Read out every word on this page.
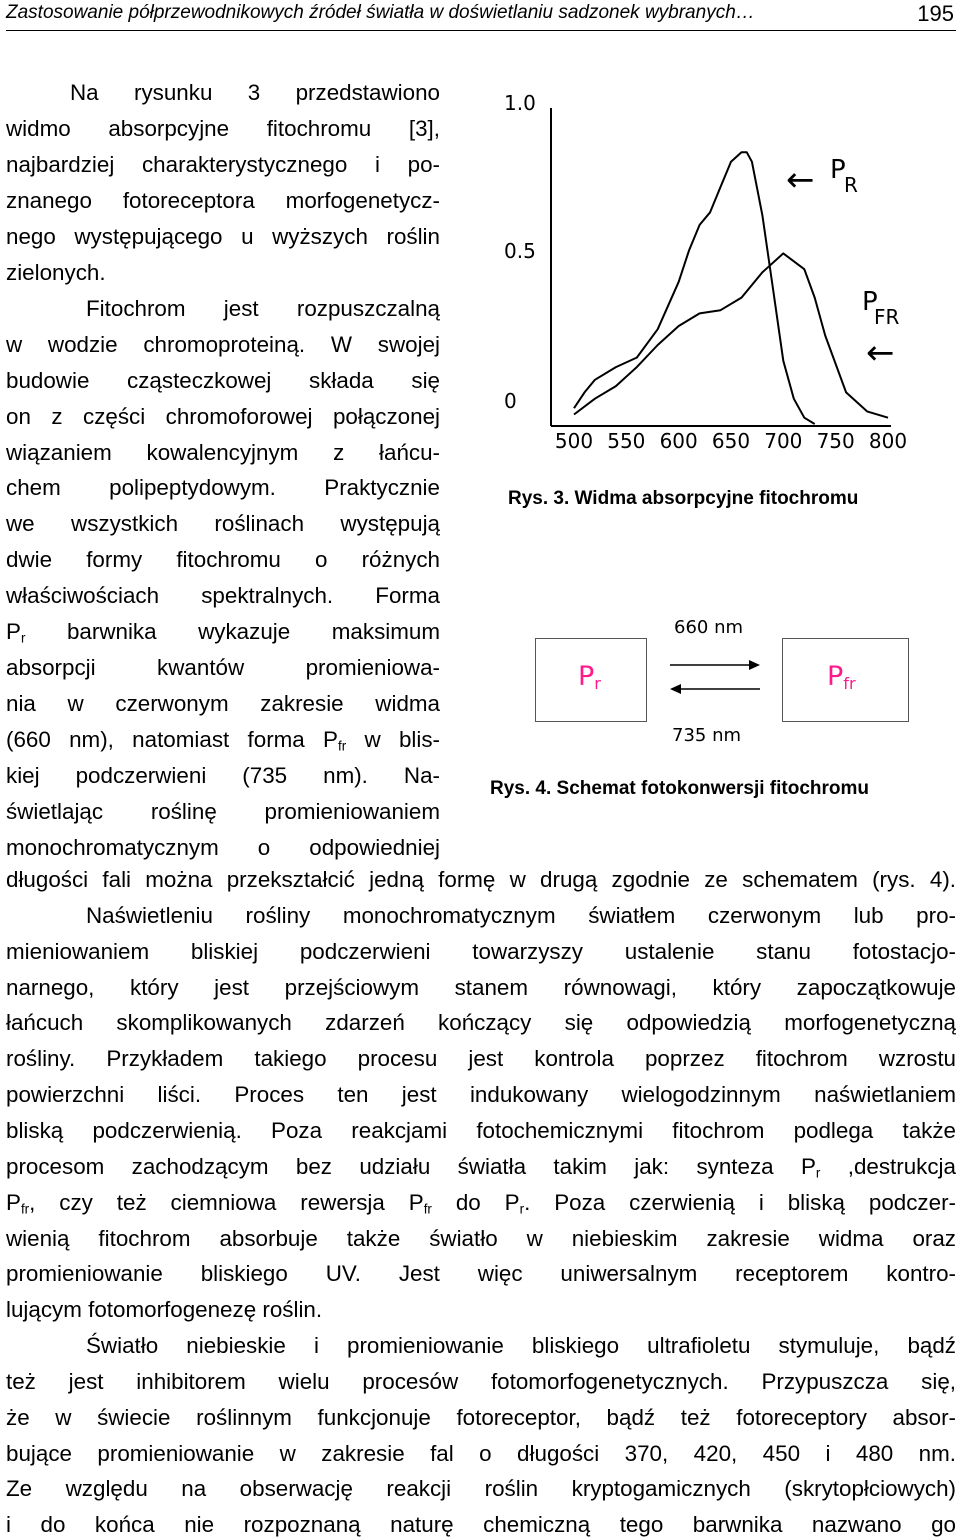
Zastosowanie półprzewodnikowych źródeł światła w doświetlaniu sadzonek wybranych…	195
Na rysunku 3 przedstawiono
widmo absorpcyjne fitochromu [3],
najbardziej charakterystycznego i po-
znanego fotoreceptora morfogenetycz-
nego występującego u wyższych roślin
zielonych.
Fitochrom jest rozpuszczalną
w wodzie chromoproteiną. W swojej
budowie cząsteczkowej składa się
on z części chromoforowej połączonej
wiązaniem kowalencyjnym z łańcu-
chem polipeptydowym. Praktycznie
we wszystkich roślinach występują
dwie formy fitochromu o różnych
właściwościach spektralnych. Forma
$P_r$ barwnika wykazuje maksimum
absorpcji kwantów promieniowa-
nia w czerwonym zakresie widma
(660 nm), natomiast forma $P_{fr}$ w blis-
kiej podczerwieni (735 nm). Na-
świetlając roślinę promieniowaniem
monochromatycznym o odpowiedniej
długości fali można przekształcić jedną formę w drugą zgodnie ze schematem (rys. 4).
Naświetleniu rośliny monochromatycznym światłem czerwonym lub pro-
mieniowaniem bliskiej podczerwieni towarzyszy ustalenie stanu fotostacjo-
narnego, który jest przejściowym stanem równowagi, który zapoczątkowuje
łańcuch skomplikowanych zdarzeń kończący się odpowiedzią morfogenetyczną
rośliny. Przykładem takiego procesu jest kontrola poprzez fitochrom wzrostu
powierzchni liści. Proces ten jest indukowany wielogodzinnym naświetlaniem
bliską podczerwienią. Poza reakcjami fotochemicznymi fitochrom podlega także
procesom zachodzącym bez udziału światła takim jak: synteza $P_r$ ,destrukcja
$P_{fr}$, czy też ciemniowa rewersja $P_{fr}$ do $P_r$. Poza czerwienią i bliską podczer-
wienią fitochrom absorbuje także światło w niebieskim zakresie widma oraz
promieniowanie bliskiego UV. Jest więc uniwersalnym receptorem kontro-
lującym fotomorfogenezę roślin.
Światło niebieskie i promieniowanie bliskiego ultrafioletu stymuluje, bądź
też jest inhibitorem wielu procesów fotomorfogenetycznych. Przypuszcza się,
że w świecie roślinnym funkcjonuje fotoreceptor, bądź też fotoreceptory absor-
bujące promieniowanie w zakresie fal o długości 370, 420, 450 i 480 nm.
Ze względu na obserwację reakcji roślin kryptogamicznych (skrytopłciowych)
i do końca nie rozpoznaną naturę chemiczną tego barwnika nazwano go
0
0.5
1.0
500 550 600 650 700 750 800
← P
R
P
FR
←
Rys. 3. Widma absorpcyjne fitochromu
$P_r$	$P_{fr}$
660 nm
735 nm
Rys. 4. Schemat fotokonwersji fitochromu
